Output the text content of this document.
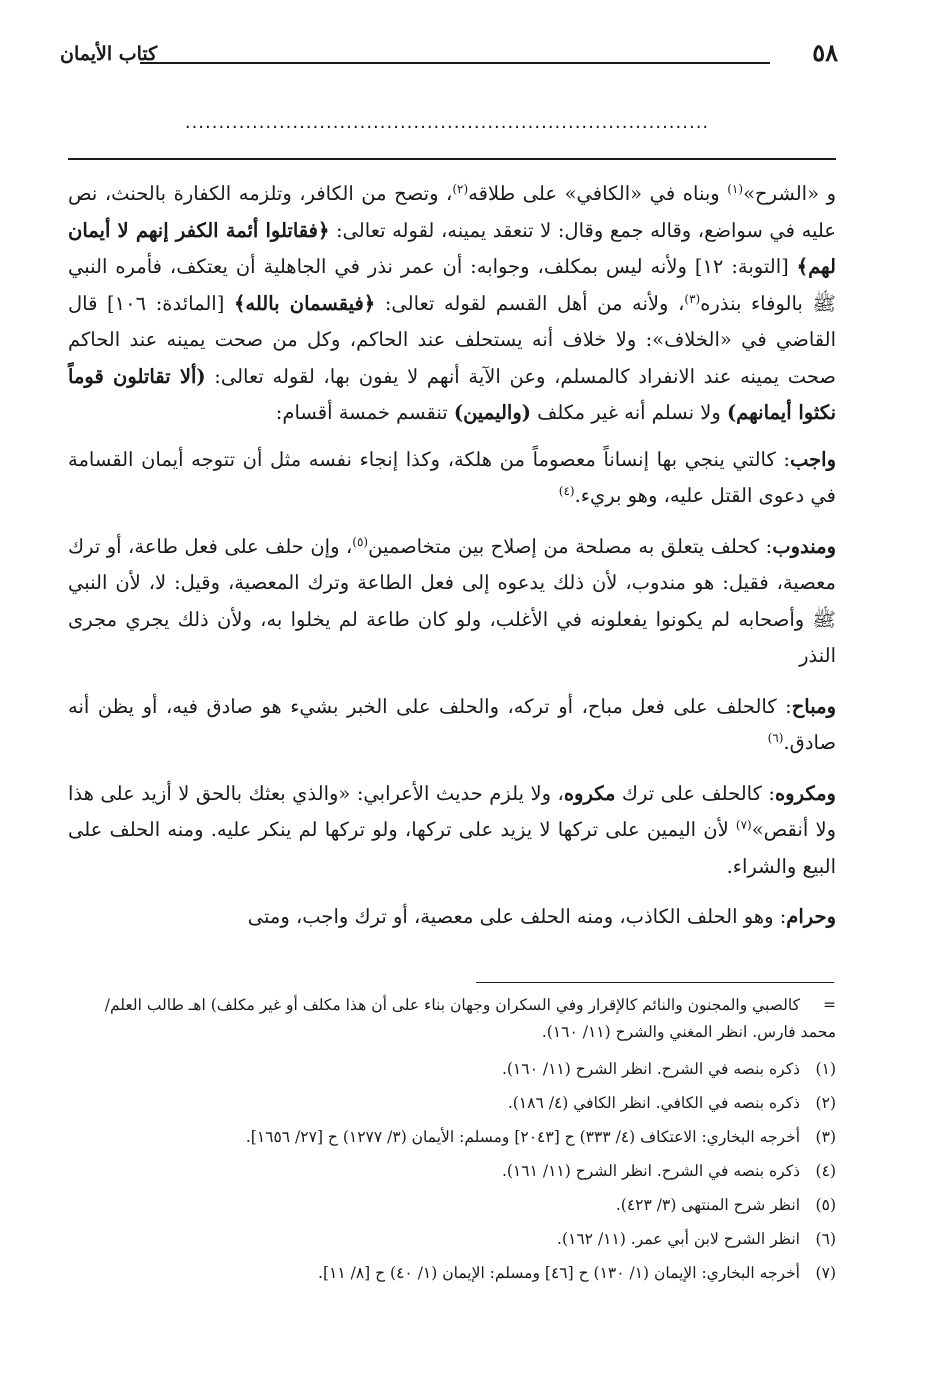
٥٨
كتاب الأيمان
..............................................................................

و «الشرح»$^{(١)}$ وبناه في «الكافي» على طلاقه$^{(٢)}$، وتصح من الكافر، وتلزمه الكفارة بالحنث، نص عليه في سواضع، وقاله جمع وقال: لا تنعقد يمينه، لقوله تعالى: ﴿فقاتلوا أئمة الكفر إنهم لا أيمان لهم﴾ [التوبة: ١٢] ولأنه ليس بمكلف، وجوابه: أن عمر نذر في الجاهلية أن يعتكف، فأمره النبي ﷺ بالوفاء بنذره$^{(٣)}$، ولأنه من أهل القسم لقوله تعالى: ﴿فيقسمان بالله﴾ [المائدة: ١٠٦] قال القاضي في «الخلاف»: ولا خلاف أنه يستحلف عند الحاكم، وكل من صحت يمينه عند الحاكم صحت يمينه عند الانفراد كالمسلم، وعن الآية أنهم لا يفون بها، لقوله تعالى: (ألا تقاتلون قوماً نكثوا أيمانهم) ولا نسلم أنه غير مكلف (واليمين) تنقسم خمسة أقسام:

واجب: كالتي ينجي بها إنساناً معصوماً من هلكة، وكذا إنجاء نفسه مثل أن تتوجه أيمان القسامة في دعوى القتل عليه، وهو بريء.$^{(٤)}$

ومندوب: كحلف يتعلق به مصلحة من إصلاح بين متخاصمين$^{(٥)}$، وإن حلف على فعل طاعة، أو ترك معصية، فقيل: هو مندوب، لأن ذلك يدعوه إلى فعل الطاعة وترك المعصية، وقيل: لا، لأن النبي ﷺ وأصحابه لم يكونوا يفعلونه في الأغلب، ولو كان طاعة لم يخلوا به، ولأن ذلك يجري مجرى النذر

ومباح: كالحلف على فعل مباح، أو تركه، والحلف على الخبر بشيء هو صادق فيه، أو يظن أنه صادق.$^{(٦)}$

ومكروه: كالحلف على ترك مكروه، ولا يلزم حديث الأعرابي: «والذي بعثك بالحق لا أزيد على هذا ولا أنقص»$^{(٧)}$ لأن اليمين على تركها لا يزيد على تركها، ولو تركها لم ينكر عليه. ومنه الحلف على البيع والشراء.

وحرام: وهو الحلف الكاذب، ومنه الحلف على معصية، أو ترك واجب، ومتى

=كالصبي والمجنون والنائم كالإقرار وفي السكران وجهان بناء على أن هذا مكلف أو غير مكلف) اهـ طالب العلم/محمد فارس. انظر المغني والشرح (١١/ ١٦٠).

(١)ذكره بنصه في الشرح. انظر الشرح (١١/ ١٦٠).

(٢)ذكره بنصه في الكافي. انظر الكافي (٤/ ١٨٦).

(٣)أخرجه البخاري: الاعتكاف (٤/ ٣٣٣) ح [٢٠٤٣] ومسلم: الأيمان (٣/ ١٢٧٧) ح [٢٧/ ١٦٥٦].

(٤)ذكره بنصه في الشرح. انظر الشرح (١١/ ١٦١).

(٥)انظر شرح المنتهى (٣/ ٤٢٣).

(٦)انظر الشرح لابن أبي عمر. (١١/ ١٦٢).

(٧)أخرجه البخاري: الإيمان (١/ ١٣٠) ح [٤٦] ومسلم: الإيمان (١/ ٤٠) ح [٨/ ١١].
